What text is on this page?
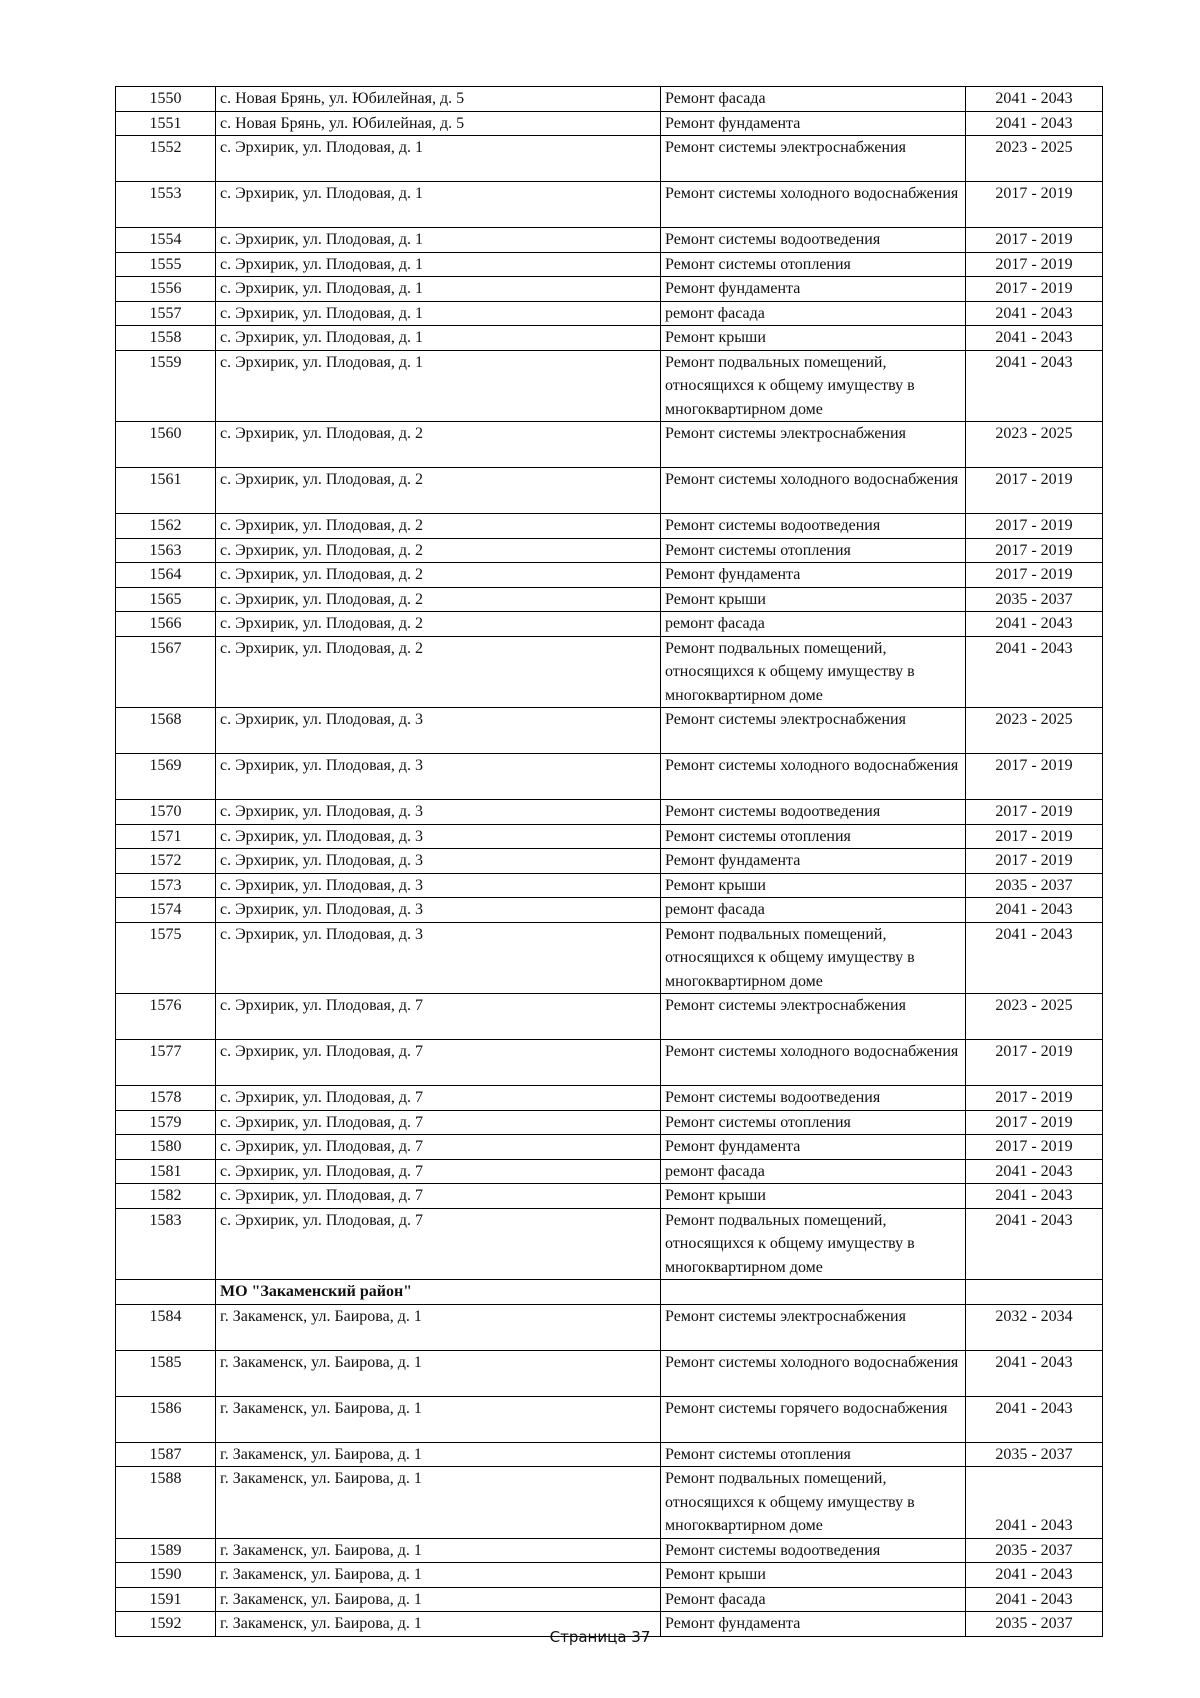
1550	с. Новая Брянь, ул. Юбилейная, д. 5	Ремонт фасада	2041 - 2043
1551	с. Новая Брянь, ул. Юбилейная, д. 5	Ремонт фундамента	2041 - 2043
1552	с. Эрхирик, ул. Плодовая, д. 1	Ремонт системы электроснабжения	2023 - 2025
1553	с. Эрхирик, ул. Плодовая, д. 1	Ремонт системы холодного водоснабжения	2017 - 2019
1554	с. Эрхирик, ул. Плодовая, д. 1	Ремонт системы водоотведения	2017 - 2019
1555	с. Эрхирик, ул. Плодовая, д. 1	Ремонт системы отопления	2017 - 2019
1556	с. Эрхирик, ул. Плодовая, д. 1	Ремонт фундамента	2017 - 2019
1557	с. Эрхирик, ул. Плодовая, д. 1	ремонт фасада	2041 - 2043
1558	с. Эрхирик, ул. Плодовая, д. 1	Ремонт крыши	2041 - 2043
1559	с. Эрхирик, ул. Плодовая, д. 1	Ремонт подвальных помещений, относящихся к общему имуществу в многоквартирном доме	2041 - 2043
1560	с. Эрхирик, ул. Плодовая, д. 2	Ремонт системы электроснабжения	2023 - 2025
1561	с. Эрхирик, ул. Плодовая, д. 2	Ремонт системы холодного водоснабжения	2017 - 2019
1562	с. Эрхирик, ул. Плодовая, д. 2	Ремонт системы водоотведения	2017 - 2019
1563	с. Эрхирик, ул. Плодовая, д. 2	Ремонт системы отопления	2017 - 2019
1564	с. Эрхирик, ул. Плодовая, д. 2	Ремонт фундамента	2017 - 2019
1565	с. Эрхирик, ул. Плодовая, д. 2	Ремонт крыши	2035 - 2037
1566	с. Эрхирик, ул. Плодовая, д. 2	ремонт фасада	2041 - 2043
1567	с. Эрхирик, ул. Плодовая, д. 2	Ремонт подвальных помещений, относящихся к общему имуществу в многоквартирном доме	2041 - 2043
1568	с. Эрхирик, ул. Плодовая, д. 3	Ремонт системы электроснабжения	2023 - 2025
1569	с. Эрхирик, ул. Плодовая, д. 3	Ремонт системы холодного водоснабжения	2017 - 2019
1570	с. Эрхирик, ул. Плодовая, д. 3	Ремонт системы водоотведения	2017 - 2019
1571	с. Эрхирик, ул. Плодовая, д. 3	Ремонт системы отопления	2017 - 2019
1572	с. Эрхирик, ул. Плодовая, д. 3	Ремонт фундамента	2017 - 2019
1573	с. Эрхирик, ул. Плодовая, д. 3	Ремонт крыши	2035 - 2037
1574	с. Эрхирик, ул. Плодовая, д. 3	ремонт фасада	2041 - 2043
1575	с. Эрхирик, ул. Плодовая, д. 3	Ремонт подвальных помещений, относящихся к общему имуществу в многоквартирном доме	2041 - 2043
1576	с. Эрхирик, ул. Плодовая, д. 7	Ремонт системы электроснабжения	2023 - 2025
1577	с. Эрхирик, ул. Плодовая, д. 7	Ремонт системы холодного водоснабжения	2017 - 2019
1578	с. Эрхирик, ул. Плодовая, д. 7	Ремонт системы водоотведения	2017 - 2019
1579	с. Эрхирик, ул. Плодовая, д. 7	Ремонт системы отопления	2017 - 2019
1580	с. Эрхирик, ул. Плодовая, д. 7	Ремонт фундамента	2017 - 2019
1581	с. Эрхирик, ул. Плодовая, д. 7	ремонт фасада	2041 - 2043
1582	с. Эрхирик, ул. Плодовая, д. 7	Ремонт крыши	2041 - 2043
1583	с. Эрхирик, ул. Плодовая, д. 7	Ремонт подвальных помещений, относящихся к общему имуществу в многоквартирном доме	2041 - 2043
	МО "Закаменский район"		
1584	г. Закаменск, ул. Баирова, д. 1	Ремонт системы электроснабжения	2032 - 2034
1585	г. Закаменск, ул. Баирова, д. 1	Ремонт системы холодного водоснабжения	2041 - 2043
1586	г. Закаменск, ул. Баирова, д. 1	Ремонт системы горячего водоснабжения	2041 - 2043
1587	г. Закаменск, ул. Баирова, д. 1	Ремонт системы отопления	2035 - 2037
1588	г. Закаменск, ул. Баирова, д. 1	Ремонт подвальных помещений, относящихся к общему имуществу в многоквартирном доме	2041 - 2043
1589	г. Закаменск, ул. Баирова, д. 1	Ремонт системы водоотведения	2035 - 2037
1590	г. Закаменск, ул. Баирова, д. 1	Ремонт крыши	2041 - 2043
1591	г. Закаменск, ул. Баирова, д. 1	Ремонт фасада	2041 - 2043
1592	г. Закаменск, ул. Баирова, д. 1	Ремонт фундамента	2035 - 2037
Страница 37
